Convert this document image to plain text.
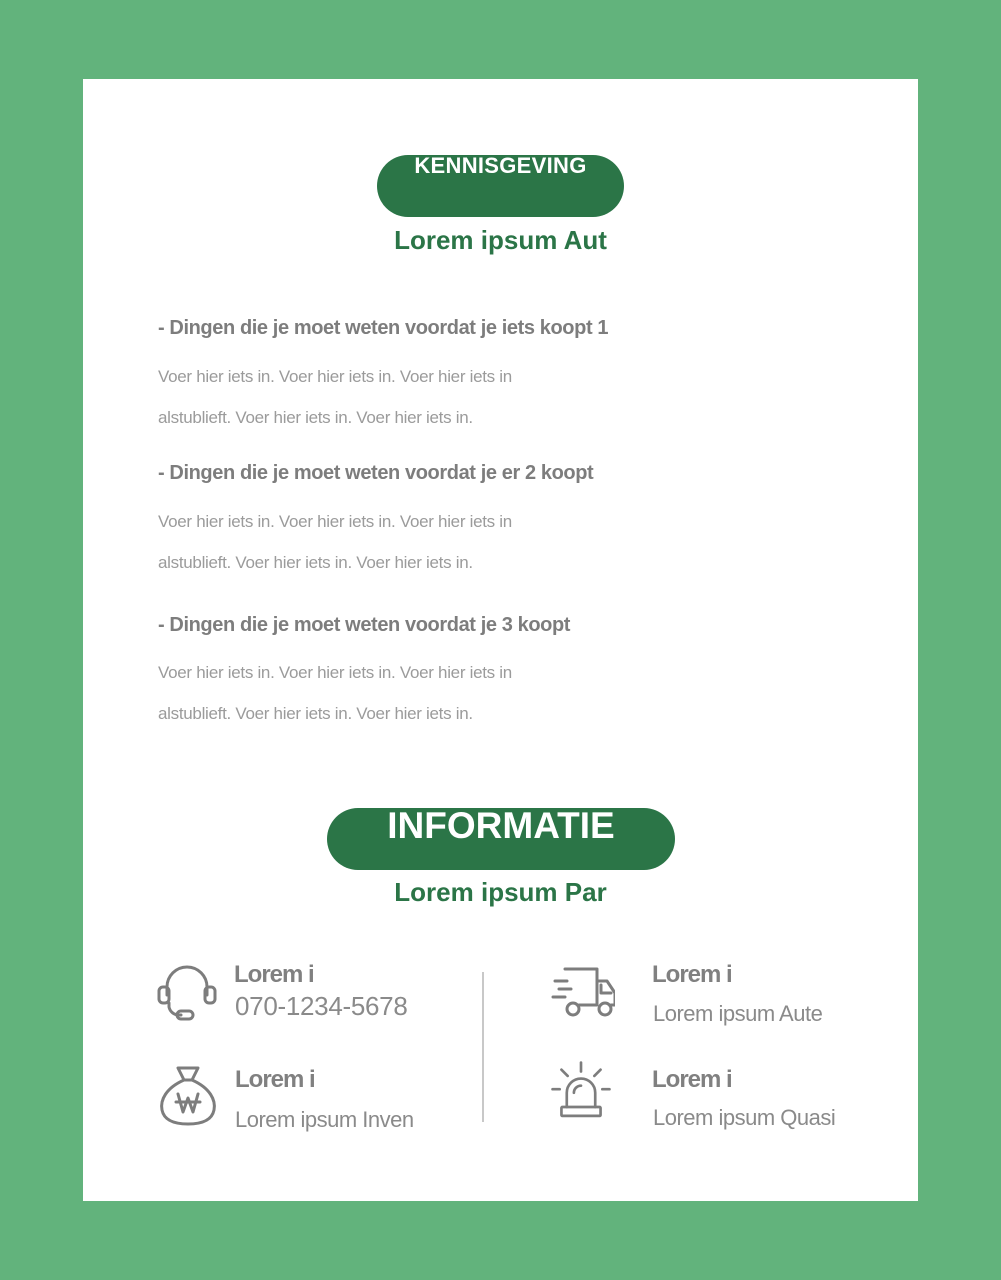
KENNISGEVING
Lorem ipsum Aut
- Dingen die je moet weten voordat je iets koopt 1
Voer hier iets in. Voer hier iets in. Voer hier iets in
alstublieft. Voer hier iets in. Voer hier iets in.
- Dingen die je moet weten voordat je er 2 koopt
Voer hier iets in. Voer hier iets in. Voer hier iets in
alstublieft. Voer hier iets in. Voer hier iets in.
- Dingen die je moet weten voordat je 3 koopt
Voer hier iets in. Voer hier iets in. Voer hier iets in
alstublieft. Voer hier iets in. Voer hier iets in.
INFORMATIE
Lorem ipsum Par
Lorem i
070-1234-5678
Lorem i
Lorem ipsum Aute
Lorem i
Lorem ipsum Inven
Lorem i
Lorem ipsum Quasi
